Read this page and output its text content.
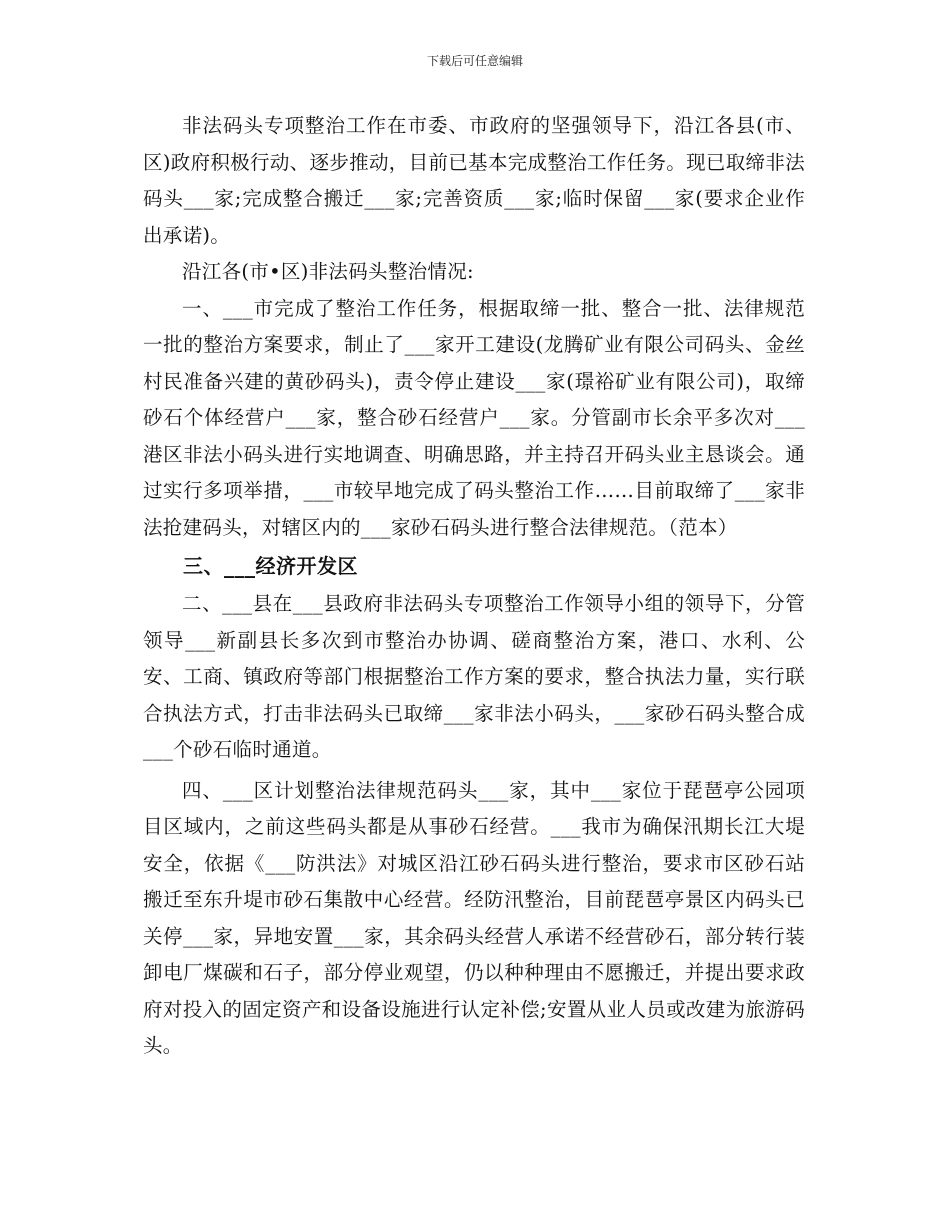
下载后可任意编辑

非法码头专项整治工作在市委、市政府的坚强领导下，沿江各县(市、区)政府积极行动、逐步推动，目前已基本完成整治工作任务。现已取缔非法码头___家;完成整合搬迁___家;完善资质___家;临时保留___家(要求企业作出承诺)。

沿江各(市•区)非法码头整治情况:

一、___市完成了整治工作任务，根据取缔一批、整合一批、法律规范一批的整治方案要求，制止了___家开工建设(龙腾矿业有限公司码头、金丝村民准备兴建的黄砂码头)，责令停止建设___家(璟裕矿业有限公司)，取缔砂石个体经营户___家，整合砂石经营户___家。分管副市长余平多次对___港区非法小码头进行实地调查、明确思路，并主持召开码头业主恳谈会。通过实行多项举措，___市较早地完成了码头整治工作……目前取缔了___家非法抢建码头，对辖区内的___家砂石码头进行整合法律规范。（范本）

三、___经济开发区

二、___县在___县政府非法码头专项整治工作领导小组的领导下，分管领导___新副县长多次到市整治办协调、磋商整治方案，港口、水利、公安、工商、镇政府等部门根据整治工作方案的要求，整合执法力量，实行联合执法方式，打击非法码头已取缔___家非法小码头，___家砂石码头整合成___个砂石临时通道。

四、___区计划整治法律规范码头___家，其中___家位于琵琶亭公园项目区域内，之前这些码头都是从事砂石经营。___我市为确保汛期长江大堤安全，依据《___防洪法》对城区沿江砂石码头进行整治，要求市区砂石站搬迁至东升堤市砂石集散中心经营。经防汛整治，目前琵琶亭景区内码头已关停___家，异地安置___家，其余码头经营人承诺不经营砂石，部分转行装卸电厂煤碳和石子，部分停业观望，仍以种种理由不愿搬迁，并提出要求政府对投入的固定资产和设备设施进行认定补偿;安置从业人员或改建为旅游码头。
